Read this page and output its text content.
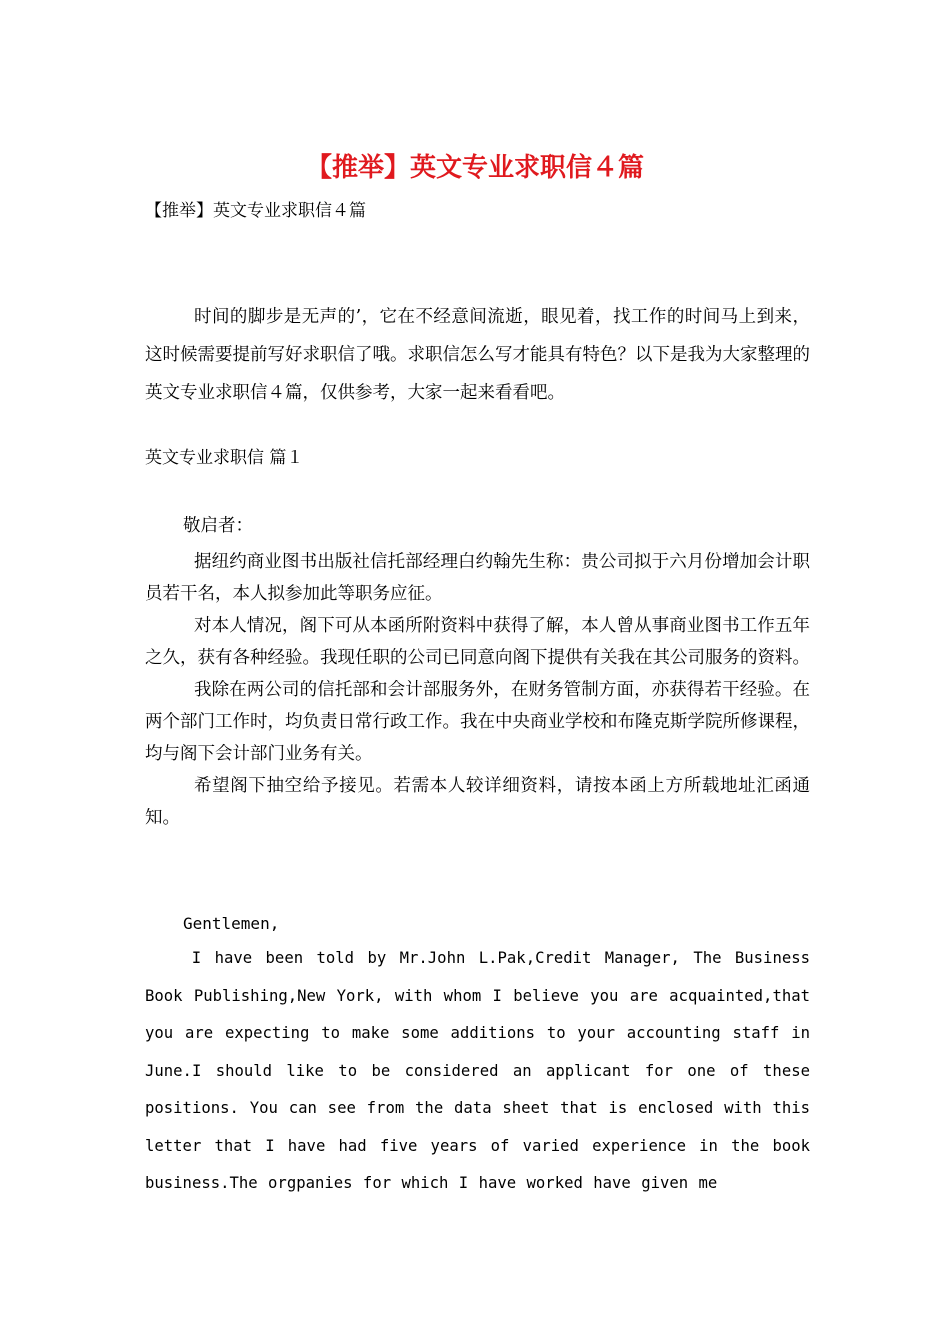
【推举】英文专业求职信４篇
【推举】英文专业求职信４篇
时间的脚步是无声的’，它在不经意间流逝，眼见着，找工作的时间马上到来，这时候需要提前写好求职信了哦。求职信怎么写才能具有特色？以下是我为大家整理的英文专业求职信４篇，仅供参考，大家一起来看看吧。
英文专业求职信 篇１
敬启者：

据纽约商业图书出版社信托部经理白约翰先生称：贵公司拟于六月份增加会计职员若干名，本人拟参加此等职务应征。

对本人情况，阁下可从本函所附资料中获得了解，本人曾从事商业图书工作五年之久，获有各种经验。我现任职的公司已同意向阁下提供有关我在其公司服务的资料。

我除在两公司的信托部和会计部服务外，在财务管制方面，亦获得若干经验。在两个部门工作时，均负责日常行政工作。我在中央商业学校和布隆克斯学院所修课程，均与阁下会计部门业务有关。

希望阁下抽空给予接见。若需本人较详细资料，请按本函上方所载地址汇函通知。

Gentlemen,
I have been told by Mr.John L.Pak,Credit Manager, The Business Book Publishing,New York, with whom I believe you are acquainted,that you are expecting to make some additions to your accounting staff in June.I should like to be considered an applicant for one of these positions. You can see from the data sheet that is enclosed with this letter that I have had five years of varied experience in the book business.The orgpanies for which I have worked have given me
